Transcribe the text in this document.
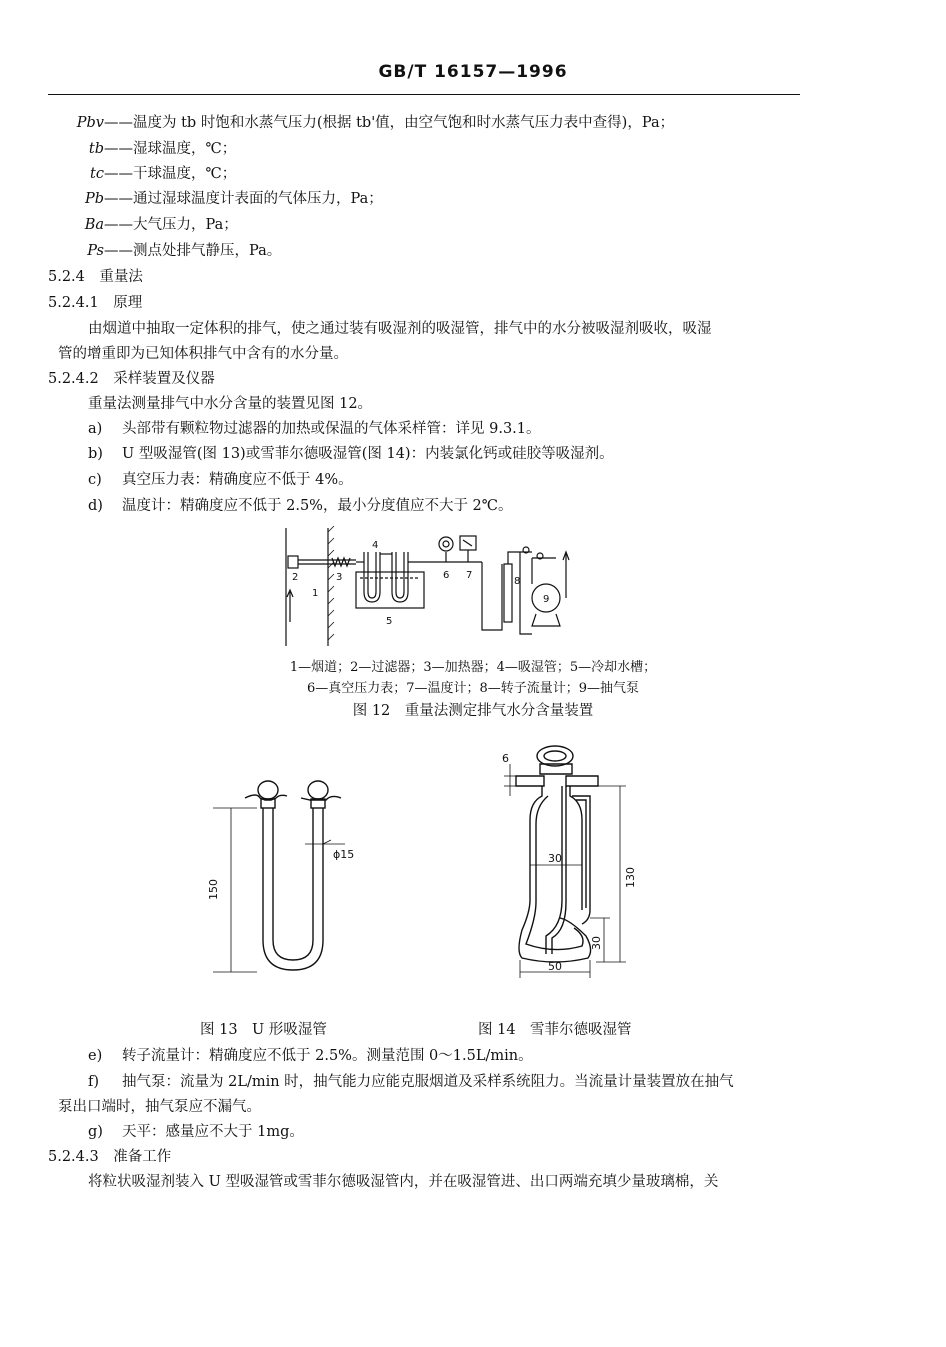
GB/T 16157—1996
Pbv——温度为 tb 时饱和水蒸气压力(根据 tb'值，由空气饱和时水蒸气压力表中查得)，Pa；
tb——湿球温度，℃；
tc——干球温度，℃；
Pb——通过湿球温度计表面的气体压力，Pa；
Ba——大气压力，Pa；
Ps——测点处排气静压，Pa。
5.2.4　重量法
5.2.4.1　原理
由烟道中抽取一定体积的排气，使之通过装有吸湿剂的吸湿管，排气中的水分被吸湿剂吸收，吸湿
管的增重即为已知体积排气中含有的水分量。
5.2.4.2　采样装置及仪器
重量法测量排气中水分含量的装置见图 12。
a) 头部带有颗粒物过滤器的加热或保温的气体采样管：详见 9.3.1。
b) U 型吸湿管(图 13)或雪菲尔德吸湿管(图 14)：内装氯化钙或硅胶等吸湿剂。
c) 真空压力表：精确度应不低于 4%。
d) 温度计：精确度应不低于 2.5%，最小分度值应不大于 2℃。
1
2	3
4
5
6 7
8
9
1—烟道；2—过滤器；3—加热器；4—吸湿管；5—冷却水槽；
6—真空压力表；7—温度计；8—转子流量计；9—抽气泵
图 12　重量法测定排气水分含量装置
150
ϕ15
6
30
130
30
50
图 13　U 形吸湿管	图 14　雪菲尔德吸湿管
e) 转子流量计：精确度应不低于 2.5%。测量范围 0～1.5L/min。
f) 抽气泵：流量为 2L/min 时，抽气能力应能克服烟道及采样系统阻力。当流量计量装置放在抽气
泵出口端时，抽气泵应不漏气。
g) 天平：感量应不大于 1mg。
5.2.4.3　准备工作
将粒状吸湿剂装入 U 型吸湿管或雪菲尔德吸湿管内，并在吸湿管进、出口两端充填少量玻璃棉，关
